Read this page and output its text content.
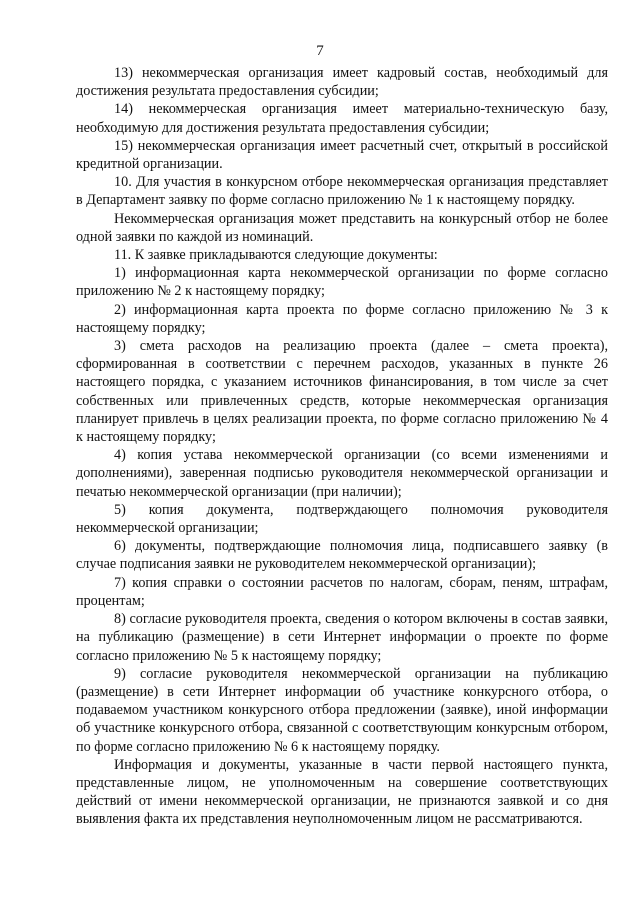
7

13) некоммерческая организация имеет кадровый состав, необходимый для достижения результата предоставления субсидии;

14) некоммерческая организация имеет материально-техническую базу, необходимую для достижения результата предоставления субсидии;

15) некоммерческая организация имеет расчетный счет, открытый в российской кредитной организации.

10. Для участия в конкурсном отборе некоммерческая организация представляет в Департамент заявку по форме согласно приложению № 1 к настоящему порядку.

Некоммерческая организация может представить на конкурсный отбор не более одной заявки по каждой из номинаций.

11. К заявке прикладываются следующие документы:

1) информационная карта некоммерческой организации по форме согласно приложению № 2 к настоящему порядку;

2) информационная карта проекта по форме согласно приложению № 3 к настоящему порядку;

3) смета расходов на реализацию проекта (далее – смета проекта), сформированная в соответствии с перечнем расходов, указанных в пункте 26 настоящего порядка, с указанием источников финансирования, в том числе за счет собственных или привлеченных средств, которые некоммерческая организация планирует привлечь в целях реализации проекта, по форме согласно приложению № 4 к настоящему порядку;

4) копия устава некоммерческой организации (со всеми изменениями и дополнениями), заверенная подписью руководителя некоммерческой организации и печатью некоммерческой организации (при наличии);

5) копия документа, подтверждающего полномочия руководителя некоммерческой организации;

6) документы, подтверждающие полномочия лица, подписавшего заявку (в случае подписания заявки не руководителем некоммерческой организации);

7) копия справки о состоянии расчетов по налогам, сборам, пеням, штрафам, процентам;

8) согласие руководителя проекта, сведения о котором включены в состав заявки, на публикацию (размещение) в сети Интернет информации о проекте по форме согласно приложению № 5 к настоящему порядку;

9) согласие руководителя некоммерческой организации на публикацию (размещение) в сети Интернет информации об участнике конкурсного отбора, о подаваемом участником конкурсного отбора предложении (заявке), иной информации об участнике конкурсного отбора, связанной с соответствующим конкурсным отбором, по форме согласно приложению № 6 к настоящему порядку.

Информация и документы, указанные в части первой настоящего пункта, представленные лицом, не уполномоченным на совершение соответствующих действий от имени некоммерческой организации, не признаются заявкой и со дня выявления факта их представления неуполномоченным лицом не рассматриваются.
